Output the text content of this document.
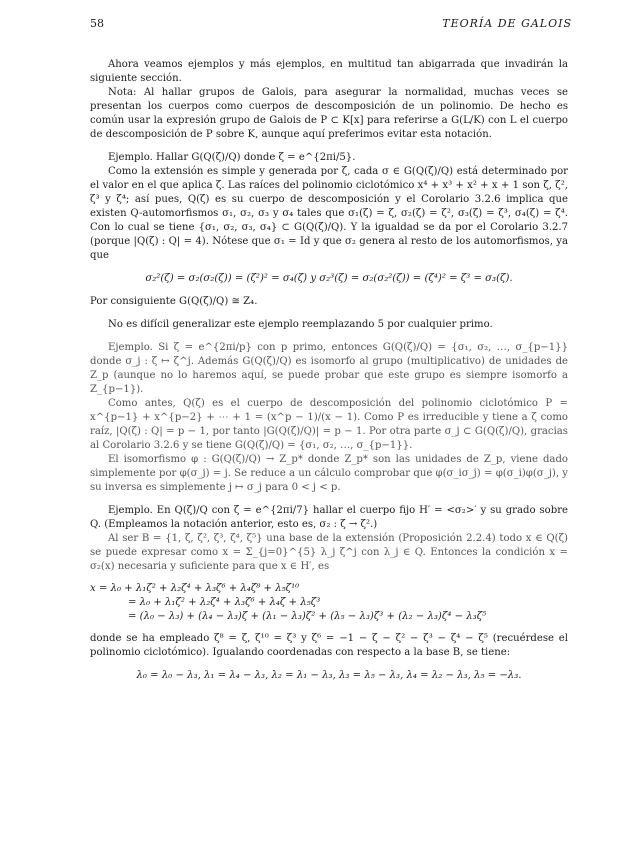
58	TEORÍA DE GALOIS

Ahora veamos ejemplos y más ejemplos, en multitud tan abigarrada que invadirán la siguiente sección.

Nota: Al hallar grupos de Galois, para asegurar la normalidad, muchas veces se presentan los cuerpos como cuerpos de descomposición de un polinomio. De hecho es común usar la expresión grupo de Galois de P ⊂ K[x] para referirse a G(L/K) con L el cuerpo de descomposición de P sobre K, aunque aquí preferimos evitar esta notación.

Ejemplo. Hallar G(Q(ζ)/Q) donde ζ = e^{2πi/5}.

Como la extensión es simple y generada por ζ, cada σ ∈ G(Q(ζ)/Q) está determinado por el valor en el que aplica ζ. Las raíces del polinomio ciclotómico x⁴ + x³ + x² + x + 1 son ζ, ζ², ζ³ y ζ⁴; así pues, Q(ζ) es su cuerpo de descomposición y el Corolario 3.2.6 implica que existen Q-automorfismos σ₁, σ₂, σ₃ y σ₄ tales que σ₁(ζ) = ζ, σ₂(ζ) = ζ², σ₃(ζ) = ζ³, σ₄(ζ) = ζ⁴. Con lo cual se tiene {σ₁, σ₂, σ₃, σ₄} ⊂ G(Q(ζ)/Q). Y la igualdad se da por el Corolario 3.2.7 (porque |Q(ζ) : Q| = 4). Nótese que σ₁ = Id y que σ₂ genera al resto de los automorfismos, ya que

σ₂²(ζ) = σ₂(σ₂(ζ)) = (ζ²)² = σ₄(ζ) y σ₂³(ζ) = σ₂(σ₂²(ζ)) = (ζ⁴)² = ζ³ = σ₃(ζ).

Por consiguiente G(Q(ζ)/Q) ≅ Z₄.

No es difícil generalizar este ejemplo reemplazando 5 por cualquier primo.

Ejemplo. Si ζ = e^{2πi/p} con p primo, entonces G(Q(ζ)/Q) = {σ₁, σ₂, …, σ_{p−1}} donde σ_j : ζ ↦ ζ^j. Además G(Q(ζ)/Q) es isomorfo al grupo (multiplicativo) de unidades de Z_p (aunque no lo haremos aquí, se puede probar que este grupo es siempre isomorfo a Z_{p−1}).

Como antes, Q(ζ) es el cuerpo de descomposición del polinomio ciclotómico P = x^{p−1} + x^{p−2} + ⋯ + 1 = (x^p − 1)/(x − 1). Como P es irreducible y tiene a ζ como raíz, |Q(ζ) : Q| = p − 1, por tanto |G(Q(ζ)/Q)| = p − 1. Por otra parte σ_j ⊂ G(Q(ζ)/Q), gracias al Corolario 3.2.6 y se tiene G(Q(ζ)/Q) = {σ₁, σ₂, …, σ_{p−1}}.

El isomorfismo φ : G(Q(ζ)/Q) → Z_p* donde Z_p* son las unidades de Z_p, viene dado simplemente por φ(σ_j) = j. Se reduce a un cálculo comprobar que φ(σ_iσ_j) = φ(σ_i)φ(σ_j), y su inversa es simplemente j ↦ σ_j para 0 < j < p.

Ejemplo. En Q(ζ)/Q con ζ = e^{2πi/7} hallar el cuerpo fijo H′ = <σ₂>′ y su grado sobre Q. (Empleamos la notación anterior, esto es, σ₂ : ζ → ζ².)

Al ser B = {1, ζ, ζ², ζ³, ζ⁴, ζ⁵} una base de la extensión (Proposición 2.2.4) todo x ∈ Q(ζ) se puede expresar como x = Σ_{j=0}^{5} λ_j ζ^j con λ_j ∈ Q. Entonces la condición x = σ₂(x) necesaria y suficiente para que x ∈ H′, es

x = λ₀ + λ₁ζ² + λ₂ζ⁴ + λ₃ζ⁶ + λ₄ζ⁸ + λ₅ζ¹⁰
= λ₀ + λ₁ζ² + λ₂ζ⁴ + λ₃ζ⁶ + λ₄ζ + λ₅ζ³
= (λ₀ − λ₃) + (λ₄ − λ₃)ζ + (λ₁ − λ₃)ζ² + (λ₅ − λ₃)ζ³ + (λ₂ − λ₃)ζ⁴ − λ₃ζ⁵

donde se ha empleado ζ⁸ = ζ, ζ¹⁰ = ζ³ y ζ⁶ = −1 − ζ − ζ² − ζ³ − ζ⁴ − ζ⁵ (recuérdese el polinomio ciclotómico). Igualando coordenadas con respecto a la base B, se tiene:

λ₀ = λ₀ − λ₃, λ₁ = λ₄ − λ₃, λ₂ = λ₁ − λ₃, λ₃ = λ₅ − λ₃, λ₄ = λ₂ − λ₃, λ₅ = −λ₃.
